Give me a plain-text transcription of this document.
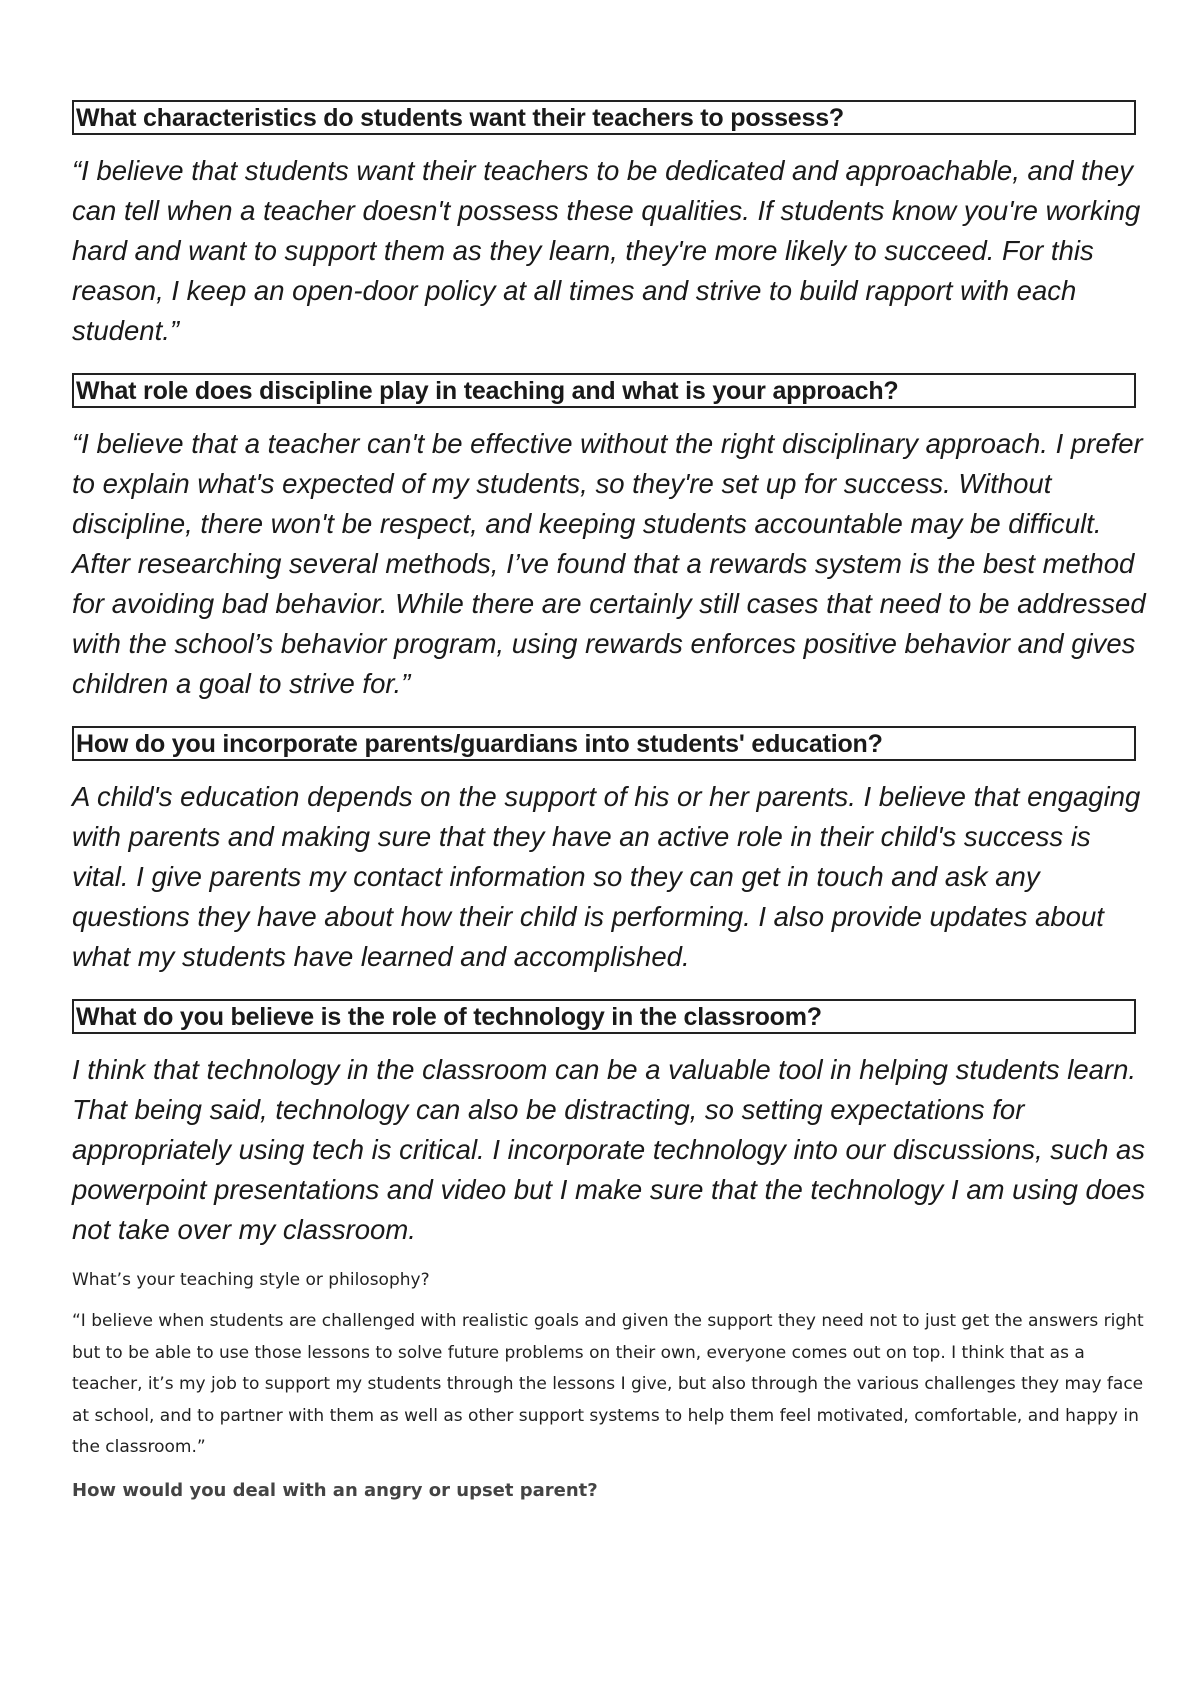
What characteristics do students want their teachers to possess?
“I believe that students want their teachers to be dedicated and approachable, and they can tell when a teacher doesn't possess these qualities. If students know you're working hard and want to support them as they learn, they're more likely to succeed. For this reason, I keep an open-door policy at all times and strive to build rapport with each student.”
What role does discipline play in teaching and what is your approach?
“I believe that a teacher can't be effective without the right disciplinary approach. I prefer to explain what's expected of my students, so they're set up for success. Without discipline, there won't be respect, and keeping students accountable may be difficult. After researching several methods, I’ve found that a rewards system is the best method for avoiding bad behavior. While there are certainly still cases that need to be addressed with the school’s behavior program, using rewards enforces positive behavior and gives children a goal to strive for.”
How do you incorporate parents/guardians into students' education?
A child's education depends on the support of his or her parents. I believe that engaging with parents and making sure that they have an active role in their child's success is vital. I give parents my contact information so they can get in touch and ask any questions they have about how their child is performing. I also provide updates about what my students have learned and accomplished.
What do you believe is the role of technology in the classroom?
I think that technology in the classroom can be a valuable tool in helping students learn. That being said, technology can also be distracting, so setting expectations for appropriately using tech is critical. I incorporate technology into our discussions, such as powerpoint presentations and video but I make sure that the technology I am using does not take over my classroom.
What’s your teaching style or philosophy?
“I believe when students are challenged with realistic goals and given the support they need not to just get the answers right but to be able to use those lessons to solve future problems on their own, everyone comes out on top. I think that as a teacher, it’s my job to support my students through the lessons I give, but also through the various challenges they may face at school, and to partner with them as well as other support systems to help them feel motivated, comfortable, and happy in the classroom.”
How would you deal with an angry or upset parent?
